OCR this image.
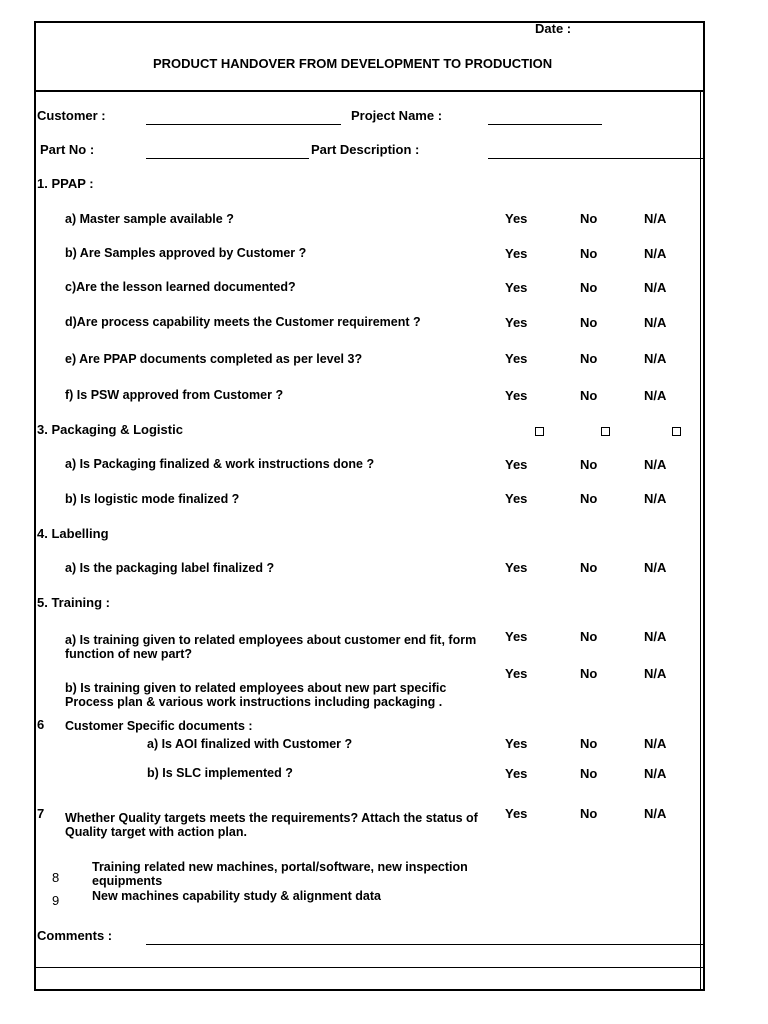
Date :
PRODUCT HANDOVER FROM DEVELOPMENT TO PRODUCTION
Customer :	Project Name :
Part No :	Part Description :
1. PPAP :
a) Master sample available ?	Yes	No	N/A
b) Are Samples approved by Customer ?	Yes	No	N/A
c)Are the lesson learned documented?	Yes	No	N/A
d)Are process capability meets the Customer requirement ?	Yes	No	N/A
e) Are PPAP documents completed as per level 3?	Yes	No	N/A
f) Is PSW approved from Customer ?	Yes	No	N/A
3. Packaging & Logistic
a) Is Packaging finalized & work instructions done ?	Yes	No	N/A
b) Is logistic mode finalized ?	Yes	No	N/A
4. Labelling
a) Is the packaging label finalized ?	Yes	No	N/A
5. Training :
a) Is training given to related employees about customer end fit, form function of new part?
Yes	No	N/A
b) Is training given to related employees about new part specific Process plan & various work instructions including packaging .
Yes	No	N/A
6 Customer Specific documents :
a) Is AOI finalized with Customer ?	Yes	No	N/A
b) Is SLC implemented ?	Yes	No	N/A
7 Whether Quality targets meets the requirements? Attach the status of Quality target with action plan.
Yes	No	N/A
8
Training related new machines, portal/software, new inspection equipments
9	New machines capability study & alignment data
Comments :
